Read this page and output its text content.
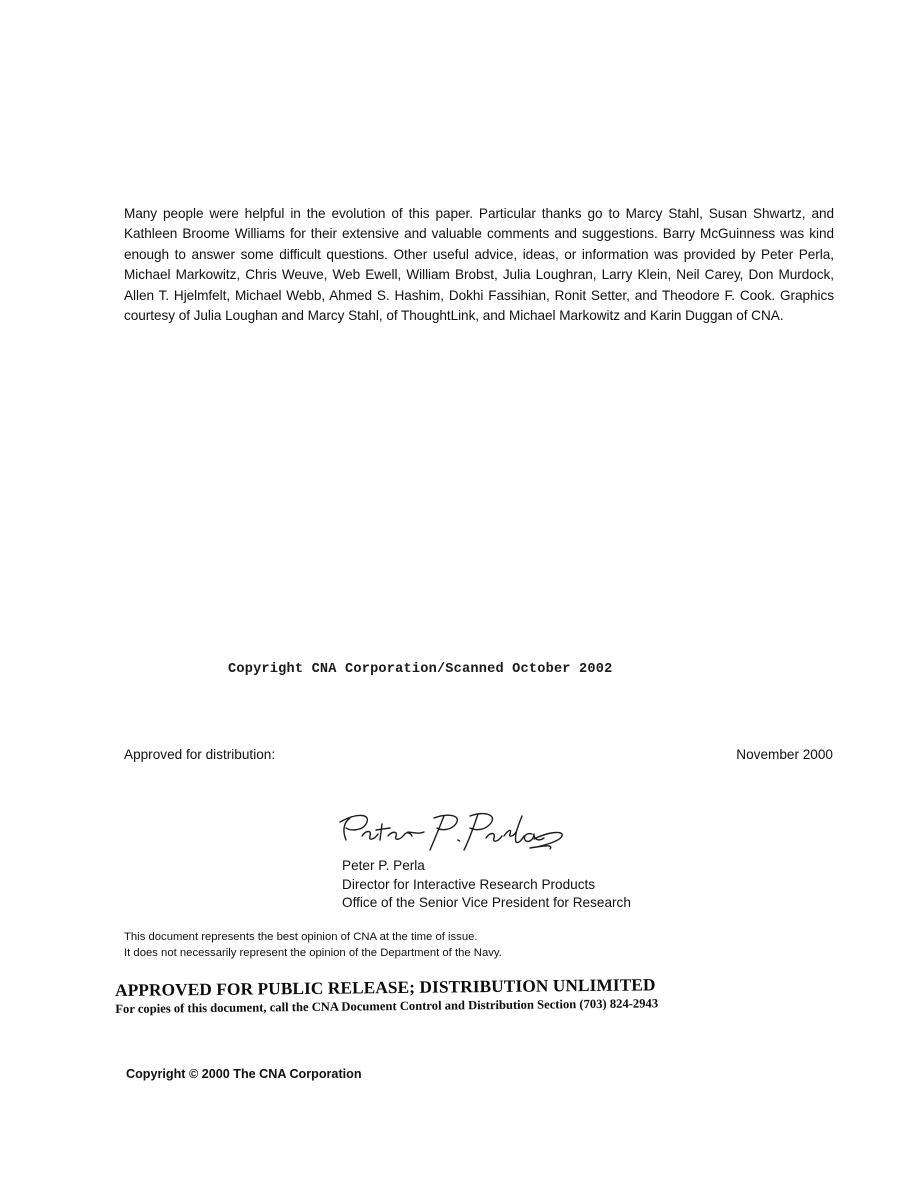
Many people were helpful in the evolution of this paper. Particular thanks go to Marcy Stahl, Susan Shwartz, and Kathleen Broome Williams for their extensive and valuable comments and suggestions. Barry McGuinness was kind enough to answer some difficult questions. Other useful advice, ideas, or information was provided by Peter Perla, Michael Markowitz, Chris Weuve, Web Ewell, William Brobst, Julia Loughran, Larry Klein, Neil Carey, Don Murdock, Allen T. Hjelmfelt, Michael Webb, Ahmed S. Hashim, Dokhi Fassihian, Ronit Setter, and Theodore F. Cook. Graphics courtesy of Julia Loughan and Marcy Stahl, of ThoughtLink, and Michael Markowitz and Karin Duggan of CNA.
Copyright CNA Corporation/Scanned October 2002
Approved for distribution:	November 2000
Peter P. Perla
Director for Interactive Research Products
Office of the Senior Vice President for Research
This document represents the best opinion of CNA at the time of issue.
It does not necessarily represent the opinion of the Department of the Navy.
APPROVED FOR PUBLIC RELEASE; DISTRIBUTION UNLIMITED
For copies of this document, call the CNA Document Control and Distribution Section (703) 824-2943
Copyright © 2000 The CNA Corporation
